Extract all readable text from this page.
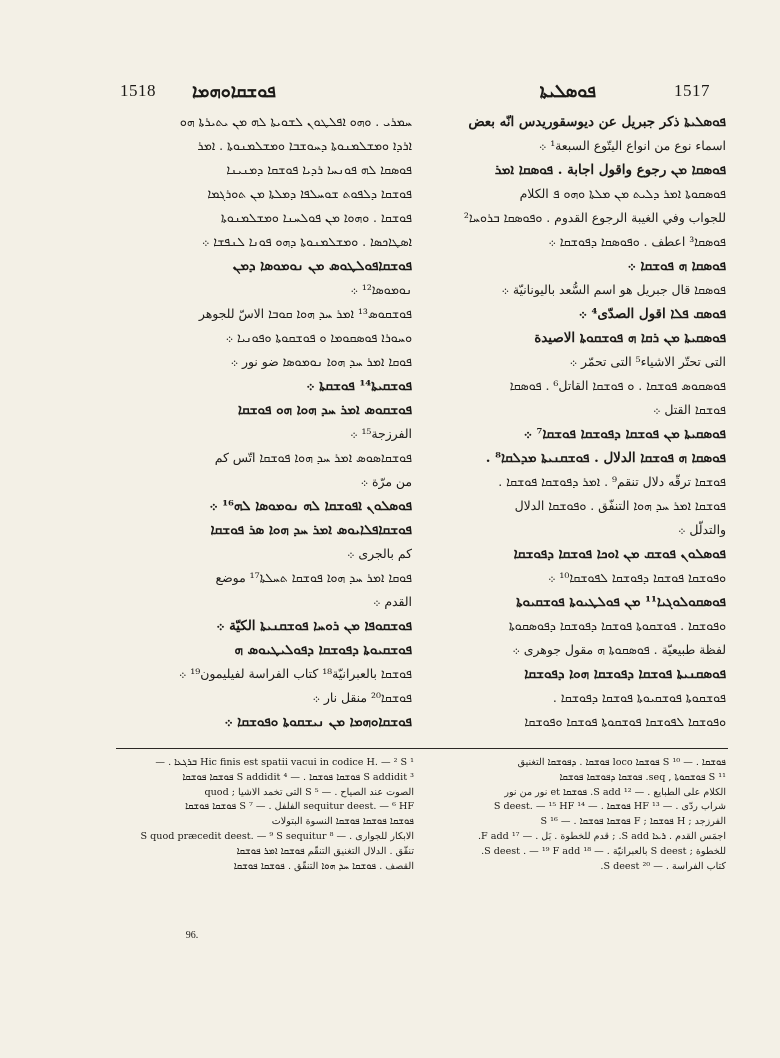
1518 ܦܘܫܩܐܘܗܡܐ	ܦܘܣܠܝܬܐ	1517
ܚܡܪܝ . ܘܗܘ ܐܦܠܛܘܢ ܠܫܘܝܬܐ ܠܗ ܡܢ ܝܬܝܪܬܐ ܗܘ
ܐܪܕܐ ܘܡܫܠܡܢܘܬܐ ܕܚܘܫܒܐ ܘܡܫܠܡܢܘܬܐ . ܐܡܪ
ܦܘܣܩܐ ܠܗ ܦܘܢܚܐ ܪܕܝܐ ܦܘܫܩܐ ܕܡܢܝܢܐ
ܦܘܫܩܐ ܕܠܦܘܬ ܫܘܚܠܦܐ ܕܡܠܬܐ ܡܢ ܬܘܪܓܡܐ
ܦܘܫܩܐ . ܘܗܘܐ ܡܢ ܦܘܠܚܢܐ ܘܡܫܠܡܢܘܬܐ
ܐܣܛܐܟܣܐ . ܘܡܫܠܡܢܘܬܐ ܕܗܘ ܦܘܢܐ ܠܢܦܫܐ ܀
ܦܘܫܩܐܦܘܠܛܘܣ ܡܢ ܢܘܡܘܣܐ ܕܡܢ
ܢܘܡܘܣܐ¹² ܀
ܦܘܫܩܘܣ¹³ ܐܡܪ ܚܕ ܗܘܐ ܩܘܒܐ الاسّ للجوهر
ܘܚܘܪܐ ܦܘܣܩܘܡܐ ܘ ܦܘܫܩܘܬܐ ܘܦܘܢܝܐ ܀
ܦܘܩܐ ܐܡܪ ܚܕ ܗܘܐ ܢܘܡܘܣܐ ضو نور ܀
ܦܘܫܩܝܬܐ¹⁴ ܦܘܫܩܬܐ ܀
ܦܘܫܩܘܣ ܐܡܪ ܚܕ ܗܘܐ ܗܘ ܦܘܫܩܐ
الفرزجة¹⁵ ܀
ܦܘܫܩܐܣܘܣ ܐܡܪ ܚܕ ܗܘܐ ܦܘܫܩܐ اتّس كم
من مرّة ܀
ܦܘܣܠܘܢ ܐܦܘܫܩܐ ܠܗ ܢܘܡܘܣܐ ܠܗ¹⁶ ܀
ܦܘܫܩܐܦܠܐܝܘܣ ܐܡܪ ܚܕ ܗܘܐ ܣܪ ܦܘܫܩܐ
كم بالجرى ܀
ܦܘܩܐ ܐܡܪ ܚܕ ܗܘܐ ܦܘܫܩܐ ܬܚܠܬܐ¹⁷ موضع
القدم ܀
ܦܘܫܩܘܦܐ ܡܢ ܪܘܚܐ ܦܘܫܩܢܝܬܐ الكيّة ܀
ܦܘܫܩܝܘܬܐ ܕܦܘܫܩܐ ܕܦܘܠܝܛܝܘܣ ܗ
ܦܘܫܩܐ بالعبرانيّة¹⁸ كتاب الفراسة لفيليمون¹⁹ ܀
ܦܘܫܩܐ²⁰ منقل نار ܀
ܦܘܫܩܐܘܗܡܐ ܡܢ ܢܝܫܩܘܬܐ ܘܦܘܫܩܐ ܀
ܦܘܣܠܝܬܐ ذكر جبريل عن ديوسقوريدس انّه بعض
اسماء نوع من انواع اليتّوع السبعة¹ ܀
ܦܘܣܩܐ ܡܢ رجوع واقول اجابة . ܦܘܣܩܐ ܐܡܪ
ܦܘܣܩܘܬܐ ܐܡܪ ܕܠܝܬ ܡܢ ܡܠܬܐ ܘܗܘ ܦ الكلام
للجواب وفي الغيبة الرجوع القدوم . ܘܦܘܣܩܐ ܒܪܘܚܐ²
ܦܘܣܩܐ³ اعطف . ܘܦܘܣܩܐ ܕܦܘܫܩܐ ܀
ܦܘܣܩܐ ܗ ܦܘܫܩܐ ܀
ܦܘܣܩܐ قال جبريل هو اسم السُّعد باليونانيّة ܀
ܦܘܣܩ ܦܠܐ اقول الصدّى⁴ ܀
ܦܘܣܩܝܬܐ ܡܢ ܪܩܐ ܗ ܦܘܫܩܘܬܐ الاصيدة
التى تحتّر الاشياء⁵ التى تحمّر ܀
ܦܘܣܩܘܣ ܦܘܫܩܐ . ܘ ܦܘܫܩܐ القاتل⁶ . ܦܘܣܩܐ
ܦܘܫܩܐ القتل ܀
ܦܘܣܩܝܬܐ ܡܢ ܦܘܫܩܐ ܕܦܘܫܩܐ ܦܘܫܩܐ⁷ ܀
ܦܘܣܩܐ ܗ ܦܘܫܩܐ الدلال . ܦܘܫܩܢܝܬܐ ܡܕܠܩܐ⁸ .
ܦܘܫܩܐ ترقّه دلال تنقم⁹ . ܐܡܪ ܕܦܘܫܩܐ ܦܘܫܩܐ .
ܦܘܫܩܐ ܐܡܪ ܚܕ ܗܘܐ التنفّق . ܘܦܘܫܩܐ الدلال
والتدلّل ܀
ܦܘܣܠܘܢ ܦܘܫܩ ܡܢ ܐܘܟܐ ܦܘܫܩܐ ܕܦܘܫܩܐ
ܘܦܘܫܩܐ ܦܘܫܩܐ ܕܦܘܫܩܐ ܠܦܘܫܩܐ¹⁰ ܀
ܦܘܣܩܘܠܘܓܝܐ¹¹ ܡܢ ܦܘܠܛܝܘܬܐ ܦܘܫܩܝܘܬܐ
ܘܦܘܫܩܐ . ܦܘܫܩܘܬܐ ܦܘܫܩܐ ܕܦܘܫܩܐ ܕܦܘܣܩܘܬܐ
لفظة طبيعيّة . ܦܘܣܩܘܬܐ ܗ مقول جوهرى ܀
ܦܘܣܩܢܝܬܐ ܦܘܫܩܐ ܕܦܘܫܩܐ ܗܘܐ ܕܦܘܫܩܐ
ܦܘܫܩܘܬܐ ܦܘܫܩܝܘܬܐ ܦܘܫܩܐ ܕܦܘܫܩܐ .
ܘܦܘܫܩܐ ܠܦܘܫܩܐ ܦܘܫܩܘܬܐ ܦܘܫܩܐ ܘܦܘܫܩܐ
¹ Hic finis est spatii vacui in codice H. — ² S ܒܪܓܥܐ . —
³ S addidit ܦܘܫܩܐ ܦܘܫܩܐ . — ⁴ S addidit ܦܘܫܩܐ ܦܘܫܩܐ
الصوت عند الصياح . — ⁵ S التى تخمد الاشيا ; quod
sequitur deest. — ⁶ HF الفلفل . — ⁷ S ܦܘܫܩܐ ܦܘܫܩܐ
ܦܘܫܩܐ ܦܘܫܩܐ ܦܘܫܩܐ النسوة البتولات
الابكار للجوارى . — ⁸ S quod præcedit deest. — ⁹ S sequitur
تنقّق . الدلال التغنيق التنقّم ܦܘܫܩܐ ܐܡܪ ܦܘܫܩܐ
القصف . ܦܘܫܩܐ ܚܕ ܗܘܐ التنقّق . ܦܘܫܩܐ ܦܘܫܩܐ
ܦܘܫܩܐ . — ¹⁰ S ܦܘܫܩܐ loco ܦܘܫܩܐ . ܕܦܘܫܩܐ التغنيق
¹¹ S ܦܘܫܩܘܬܐ , seq. ܦܘܫܩܐ ܕܦܘܫܩܐ ܦܘܫܩܐ
الكلام على الطبايع . — ¹² S add. ܦܘܫܩܐ et نور من نور
شراب ردّى . — ¹³ HF ܦܘܫܩܐ . — ¹⁴ S deest. — ¹⁵ HF
الفرزجد ; H ܦܘܫܩܐ ; F ܦܘܫܩܐ ܦܘܫܩܐ . — ¹⁶ S
اجمَس القدم . ܪܥܐ S add. ; قدم للخطوة . بَل . — ¹⁷ F add.
للخطوة ; S deest بالعبرانيّة . — ¹⁸ S deest . — ¹⁹ F add.
كتاب الفراسة . — ²⁰ S deest.
96.
